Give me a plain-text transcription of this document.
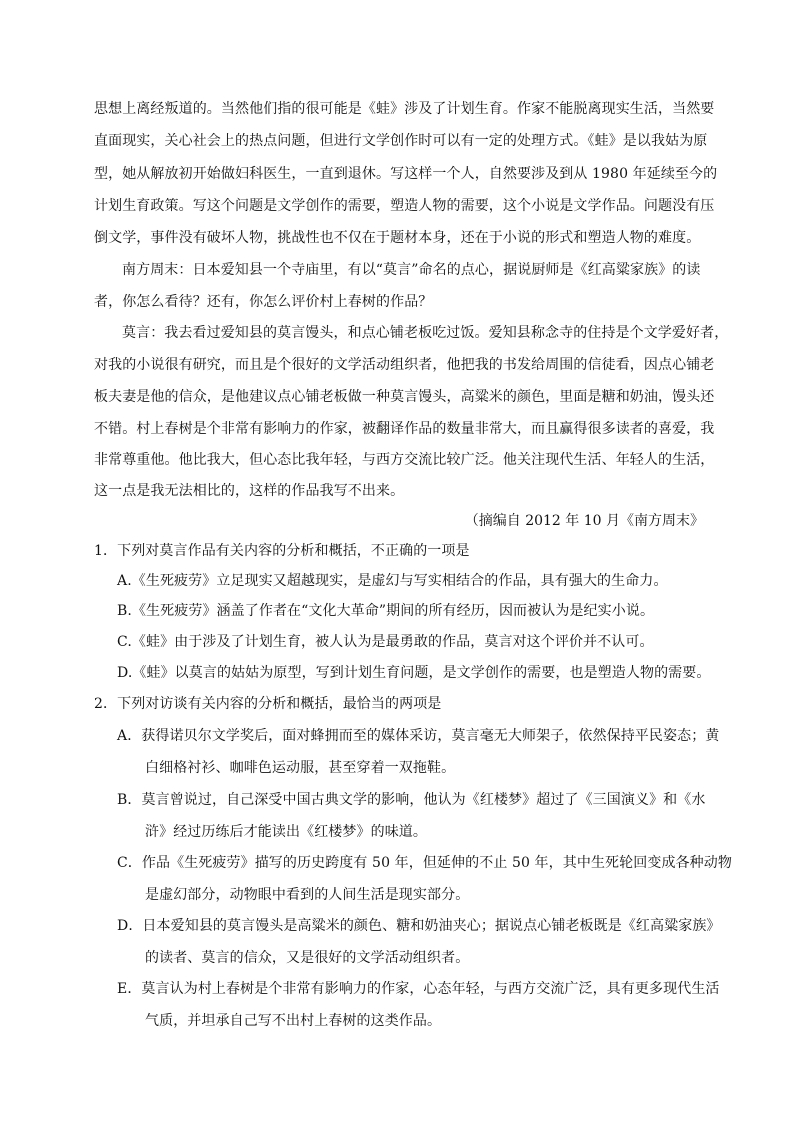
思想上离经叛道的。当然他们指的很可能是《蛙》涉及了计划生育。作家不能脱离现实生活，当然要
直面现实，关心社会上的热点问题，但进行文学创作时可以有一定的处理方式。《蛙》是以我姑为原
型，她从解放初开始做妇科医生，一直到退休。写这样一个人，自然要涉及到从 1980 年延续至今的
计划生育政策。写这个问题是文学创作的需要，塑造人物的需要，这个小说是文学作品。问题没有压
倒文学，事件没有破坏人物，挑战性也不仅在于题材本身，还在于小说的形式和塑造人物的难度。
南方周末：日本爱知县一个寺庙里，有以“莫言”命名的点心，据说厨师是《红高粱家族》的读
者，你怎么看待？还有，你怎么评价村上春树的作品？
莫言：我去看过爱知县的莫言馒头，和点心铺老板吃过饭。爱知县称念寺的住持是个文学爱好者，
对我的小说很有研究，而且是个很好的文学活动组织者，他把我的书发给周围的信徒看，因点心铺老
板夫妻是他的信众，是他建议点心铺老板做一种莫言馒头，高粱米的颜色，里面是糖和奶油，馒头还
不错。村上春树是个非常有影响力的作家，被翻译作品的数量非常大，而且赢得很多读者的喜爱，我
非常尊重他。他比我大，但心态比我年轻，与西方交流比较广泛。他关注现代生活、年轻人的生活，
这一点是我无法相比的，这样的作品我写不出来。
（摘编自 2012 年 10 月《南方周末》
1．下列对莫言作品有关内容的分析和概括，不正确的一项是
A.《生死疲劳》立足现实又超越现实，是虚幻与写实相结合的作品，具有强大的生命力。
B.《生死疲劳》涵盖了作者在“文化大革命”期间的所有经历，因而被认为是纪实小说。
C.《蛙》由于涉及了计划生育，被人认为是最勇敢的作品，莫言对这个评价并不认可。
D.《蛙》以莫言的姑姑为原型，写到计划生育问题，是文学创作的需要，也是塑造人物的需要。
2．下列对访谈有关内容的分析和概括，最恰当的两项是
A．获得诺贝尔文学奖后，面对蜂拥而至的媒体采访，莫言毫无大师架子，依然保持平民姿态；黄
白细格衬衫、咖啡色运动服，甚至穿着一双拖鞋。
B．莫言曾说过，自己深受中国古典文学的影响，他认为《红楼梦》超过了《三国演义》和《水
浒》经过历练后才能读出《红楼梦》的味道。
C．作品《生死疲劳》描写的历史跨度有 50 年，但延伸的不止 50 年，其中生死轮回变成各种动物
是虚幻部分，动物眼中看到的人间生活是现实部分。
D．日本爱知县的莫言馒头是高粱米的颜色、糖和奶油夹心；据说点心铺老板既是《红高粱家族》
的读者、莫言的信众，又是很好的文学活动组织者。
E．莫言认为村上春树是个非常有影响力的作家，心态年轻，与西方交流广泛，具有更多现代生活
气质，并坦承自己写不出村上春树的这类作品。
